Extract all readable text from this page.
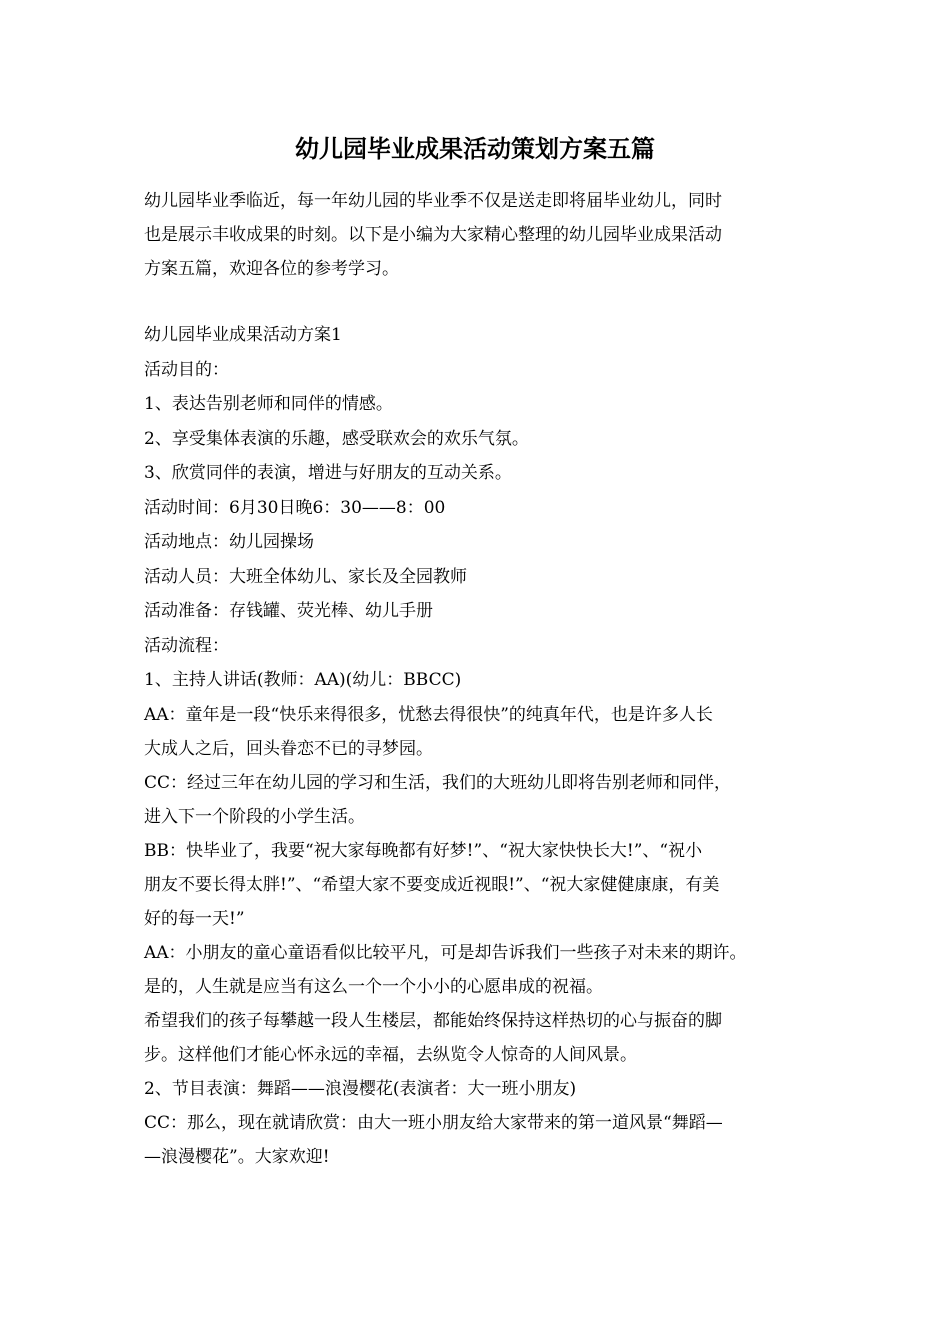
幼儿园毕业成果活动策划方案五篇

幼儿园毕业季临近，每一年幼儿园的毕业季不仅是送走即将届毕业幼儿，同时

也是展示丰收成果的时刻。以下是小编为大家精心整理的幼儿园毕业成果活动

方案五篇，欢迎各位的参考学习。

幼儿园毕业成果活动方案1

活动目的：

1、表达告别老师和同伴的情感。

2、享受集体表演的乐趣，感受联欢会的欢乐气氛。

3、欣赏同伴的表演，增进与好朋友的互动关系。

活动时间：6月30日晚6：30——8：00

活动地点：幼儿园操场

活动人员：大班全体幼儿、家长及全园教师

活动准备：存钱罐、荧光棒、幼儿手册

活动流程：

1、主持人讲话(教师：AA)(幼儿：BBCC)

AA：童年是一段“快乐来得很多，忧愁去得很快”的纯真年代，也是许多人长

大成人之后，回头眷恋不已的寻梦园。

CC：经过三年在幼儿园的学习和生活，我们的大班幼儿即将告别老师和同伴，

进入下一个阶段的小学生活。

BB：快毕业了，我要“祝大家每晚都有好梦!”、“祝大家快快长大!”、“祝小

朋友不要长得太胖!”、“希望大家不要变成近视眼!”、“祝大家健健康康，有美

好的每一天!”

AA：小朋友的童心童语看似比较平凡，可是却告诉我们一些孩子对未来的期许。

是的，人生就是应当有这么一个一个小小的心愿串成的祝福。

希望我们的孩子每攀越一段人生楼层，都能始终保持这样热切的心与振奋的脚

步。这样他们才能心怀永远的幸福，去纵览令人惊奇的人间风景。

2、节目表演：舞蹈——浪漫樱花(表演者：大一班小朋友)

CC：那么，现在就请欣赏：由大一班小朋友给大家带来的第一道风景“舞蹈—

—浪漫樱花”。大家欢迎!
